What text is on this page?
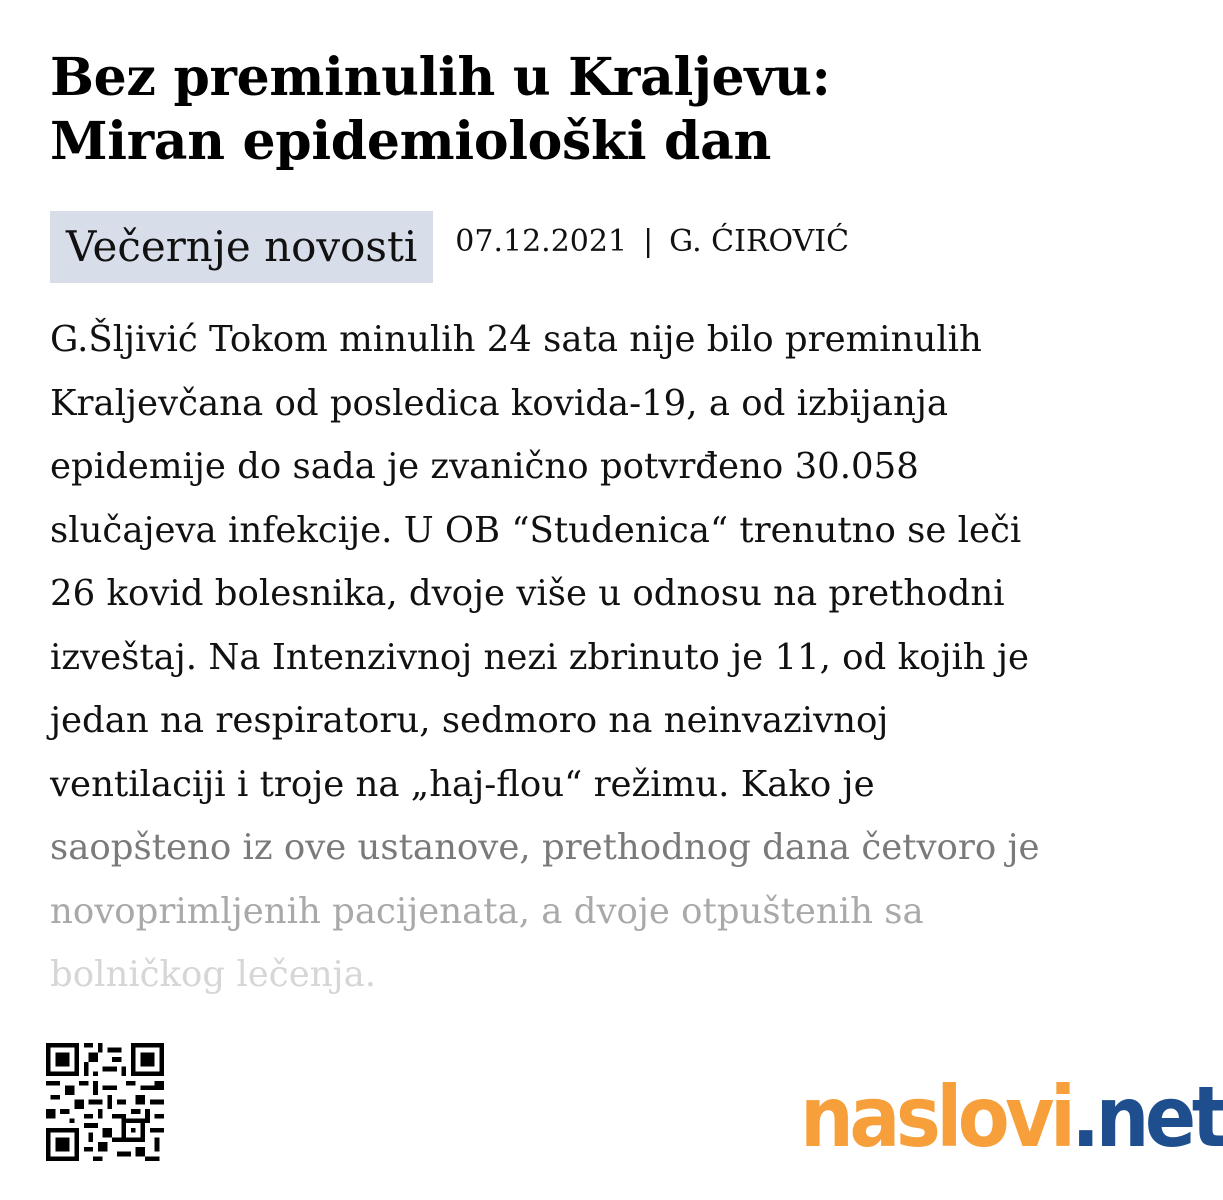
Bez preminulih u Kraljevu:
Miran epidemiološki dan
Večernje novosti	07.12.2021 | G. ĆIROVIĆ

G.Šljivić Tokom minulih 24 sata nije bilo preminulih
Kraljevčana od posledica kovida-19, a od izbijanja
epidemije do sada je zvanično potvrđeno 30.058
slučajeva infekcije. U OB “Studenica“ trenutno se leči
26 kovid bolesnika, dvoje više u odnosu na prethodni
izveštaj. Na Intenzivnoj nezi zbrinuto je 11, od kojih je
jedan na respiratoru, sedmoro na neinvazivnoj
ventilaciji i troje na „haj-flou“ režimu. Kako je
saopšteno iz ove ustanove, prethodnog dana četvoro je
novoprimljenih pacijenata, a dvoje otpuštenih sa
bolničkog lečenja.

naslovi.net
